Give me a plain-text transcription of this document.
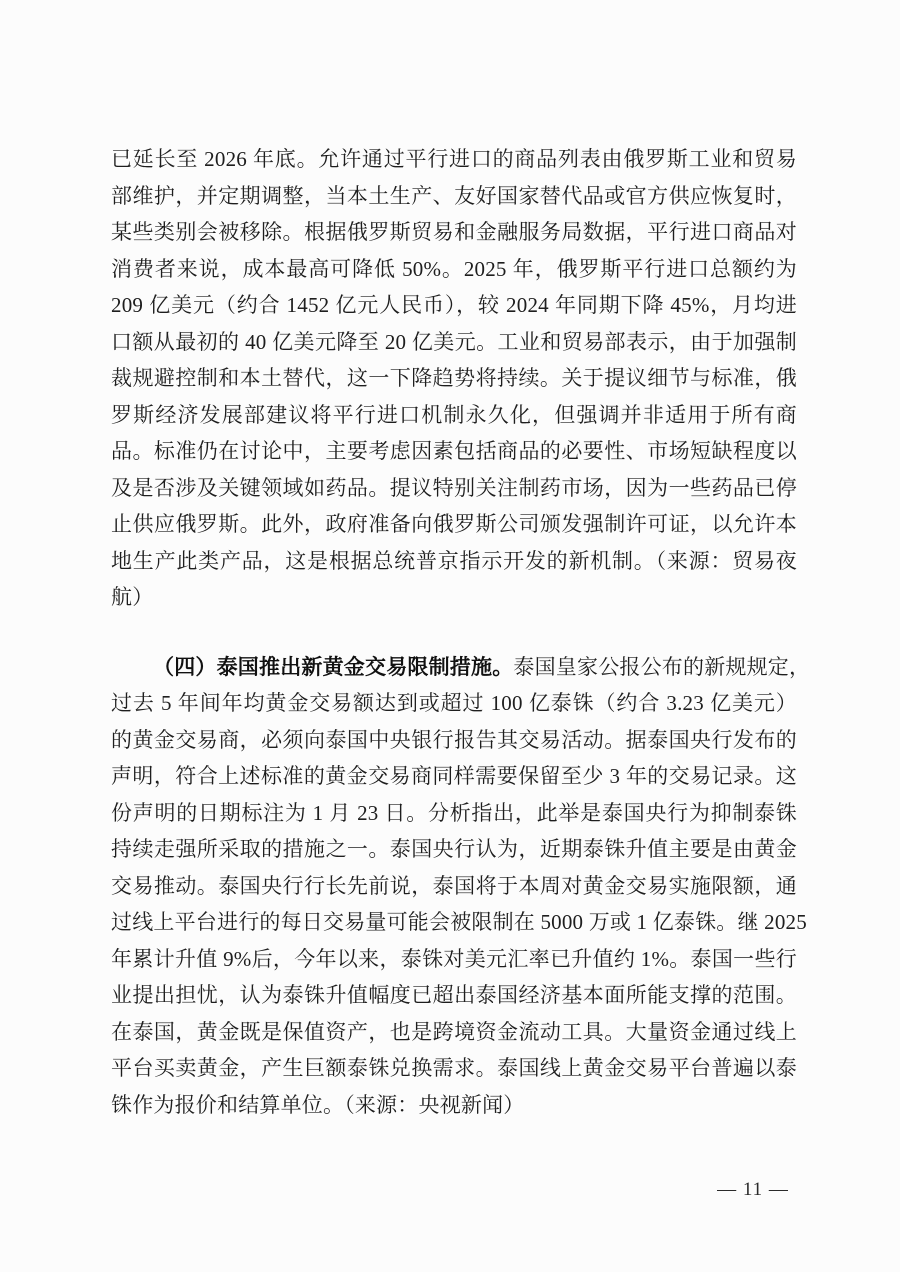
已延长至 2026 年底。允许通过平行进口的商品列表由俄罗斯工业和贸易
部维护，并定期调整，当本土生产、友好国家替代品或官方供应恢复时，
某些类别会被移除。根据俄罗斯贸易和金融服务局数据，平行进口商品对
消费者来说，成本最高可降低 50%。2025 年，俄罗斯平行进口总额约为
209 亿美元（约合 1452 亿元人民币），较 2024 年同期下降 45%，月均进
口额从最初的 40 亿美元降至 20 亿美元。工业和贸易部表示，由于加强制
裁规避控制和本土替代，这一下降趋势将持续。关于提议细节与标准，俄
罗斯经济发展部建议将平行进口机制永久化，但强调并非适用于所有商
品。标准仍在讨论中，主要考虑因素包括商品的必要性、市场短缺程度以
及是否涉及关键领域如药品。提议特别关注制药市场，因为一些药品已停
止供应俄罗斯。此外，政府准备向俄罗斯公司颁发强制许可证，以允许本
地生产此类产品，这是根据总统普京指示开发的新机制。（来源：贸易夜
航）
（四）泰国推出新黄金交易限制措施。泰国皇家公报公布的新规规定，
过去 5 年间年均黄金交易额达到或超过 100 亿泰铢（约合 3.23 亿美元）
的黄金交易商，必须向泰国中央银行报告其交易活动。据泰国央行发布的
声明，符合上述标准的黄金交易商同样需要保留至少 3 年的交易记录。这
份声明的日期标注为 1 月 23 日。分析指出，此举是泰国央行为抑制泰铢
持续走强所采取的措施之一。泰国央行认为，近期泰铢升值主要是由黄金
交易推动。泰国央行行长先前说，泰国将于本周对黄金交易实施限额，通
过线上平台进行的每日交易量可能会被限制在 5000 万或 1 亿泰铢。继 2025
年累计升值 9%后，今年以来，泰铢对美元汇率已升值约 1%。泰国一些行
业提出担忧，认为泰铢升值幅度已超出泰国经济基本面所能支撑的范围。
在泰国，黄金既是保值资产，也是跨境资金流动工具。大量资金通过线上
平台买卖黄金，产生巨额泰铢兑换需求。泰国线上黄金交易平台普遍以泰
铢作为报价和结算单位。（来源：央视新闻）
— 11 —
